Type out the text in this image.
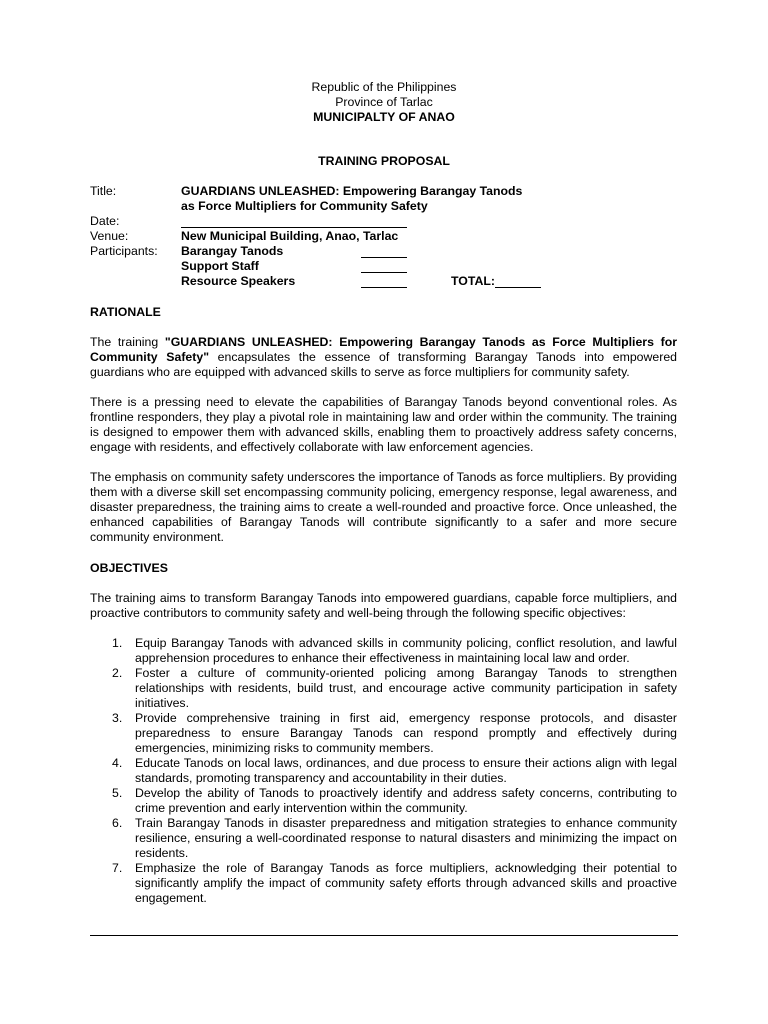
Republic of the Philippines
Province of Tarlac
MUNICIPALTY OF ANAO
TRAINING PROPOSAL
Title:	GUARDIANS UNLEASHED: Empowering Barangay Tanods
as Force Multipliers for Community Safety
Date:
Venue:	New Municipal Building, Anao, Tarlac
Participants: Barangay Tanods
Support Staff
Resource Speakers	TOTAL:
RATIONALE
The training "GUARDIANS UNLEASHED: Empowering Barangay Tanods as Force Multipliers for Community Safety" encapsulates the essence of transforming Barangay Tanods into empowered guardians who are equipped with advanced skills to serve as force multipliers for community safety.
There is a pressing need to elevate the capabilities of Barangay Tanods beyond conventional roles. As frontline responders, they play a pivotal role in maintaining law and order within the community. The training is designed to empower them with advanced skills, enabling them to proactively address safety concerns, engage with residents, and effectively collaborate with law enforcement agencies.
The emphasis on community safety underscores the importance of Tanods as force multipliers. By providing them with a diverse skill set encompassing community policing, emergency response, legal awareness, and disaster preparedness, the training aims to create a well-rounded and proactive force. Once unleashed, the enhanced capabilities of Barangay Tanods will contribute significantly to a safer and more secure community environment.
OBJECTIVES
The training aims to transform Barangay Tanods into empowered guardians, capable force multipliers, and proactive contributors to community safety and well-being through the following specific objectives:
1. Equip Barangay Tanods with advanced skills in community policing, conflict resolution, and lawful apprehension procedures to enhance their effectiveness in maintaining local law and order.
2. Foster a culture of community-oriented policing among Barangay Tanods to strengthen relationships with residents, build trust, and encourage active community participation in safety initiatives.
3. Provide comprehensive training in first aid, emergency response protocols, and disaster preparedness to ensure Barangay Tanods can respond promptly and effectively during emergencies, minimizing risks to community members.
4. Educate Tanods on local laws, ordinances, and due process to ensure their actions align with legal standards, promoting transparency and accountability in their duties.
5. Develop the ability of Tanods to proactively identify and address safety concerns, contributing to crime prevention and early intervention within the community.
6. Train Barangay Tanods in disaster preparedness and mitigation strategies to enhance community resilience, ensuring a well-coordinated response to natural disasters and minimizing the impact on residents.
7. Emphasize the role of Barangay Tanods as force multipliers, acknowledging their potential to significantly amplify the impact of community safety efforts through advanced skills and proactive engagement.
